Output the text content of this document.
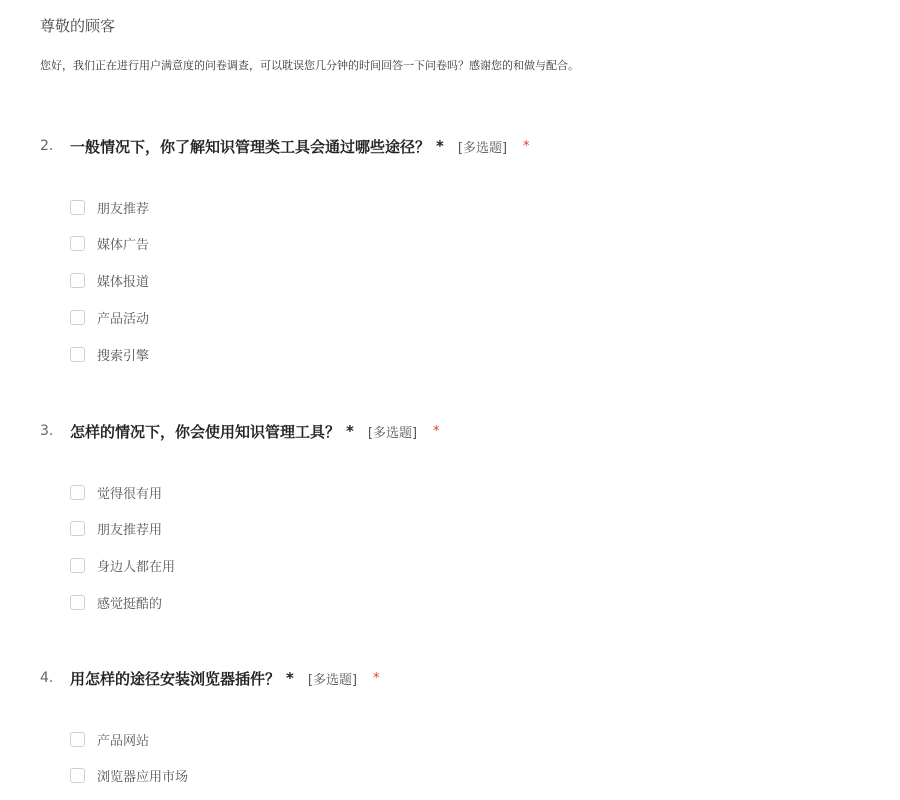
尊敬的顾客
您好，我们正在进行用户满意度的问卷调查，可以耽误您几分钟的时间回答一下问卷吗？感谢您的和做与配合。
2.	一般情况下，你了解知识管理类工具会通过哪些途径？ * [多选题] *
朋友推荐
媒体广告
媒体报道
产品活动
搜索引擎
3.	怎样的情况下，你会使用知识管理工具？ * [多选题] *
觉得很有用
朋友推荐用
身边人都在用
感觉挺酷的
4.	用怎样的途径安装浏览器插件？ * [多选题] *
产品网站
浏览器应用市场
